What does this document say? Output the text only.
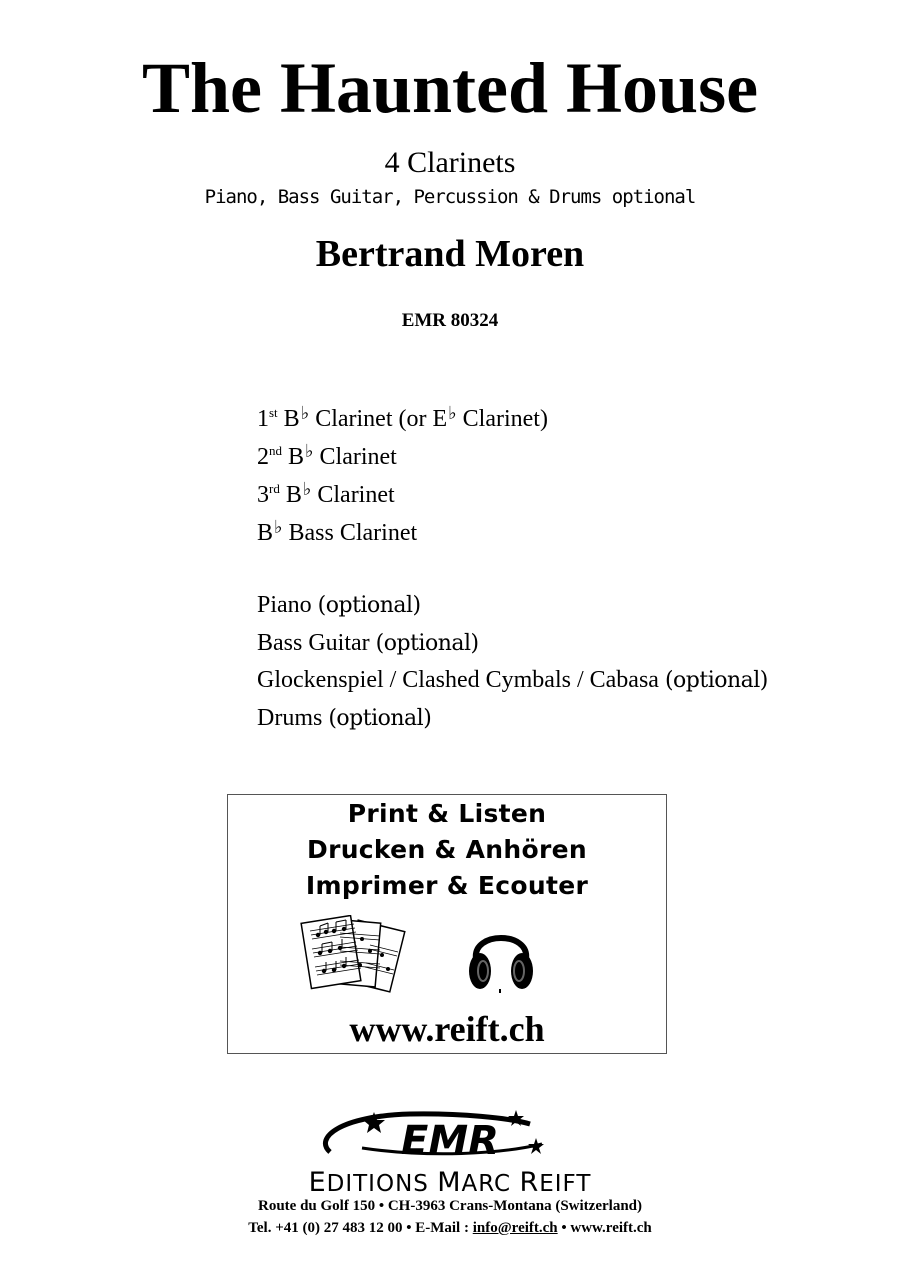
The Haunted House
4 Clarinets
Piano, Bass Guitar, Percussion & Drums optional
Bertrand Moren
EMR 80324
1st B♭ Clarinet (or E♭ Clarinet)
2nd B♭ Clarinet
3rd B♭ Clarinet
B♭ Bass Clarinet
Piano (optional)
Bass Guitar (optional)
Glockenspiel / Clashed Cymbals / Cabasa (optional)
Drums (optional)
Print & Listen
Drucken & Anhören
Imprimer & Ecouter
www.reift.ch
EMR
EDITIONS MARC REIFT
Route du Golf 150 • CH-3963 Crans-Montana (Switzerland)
Tel. +41 (0) 27 483 12 00 • E-Mail : info@reift.ch • www.reift.ch
